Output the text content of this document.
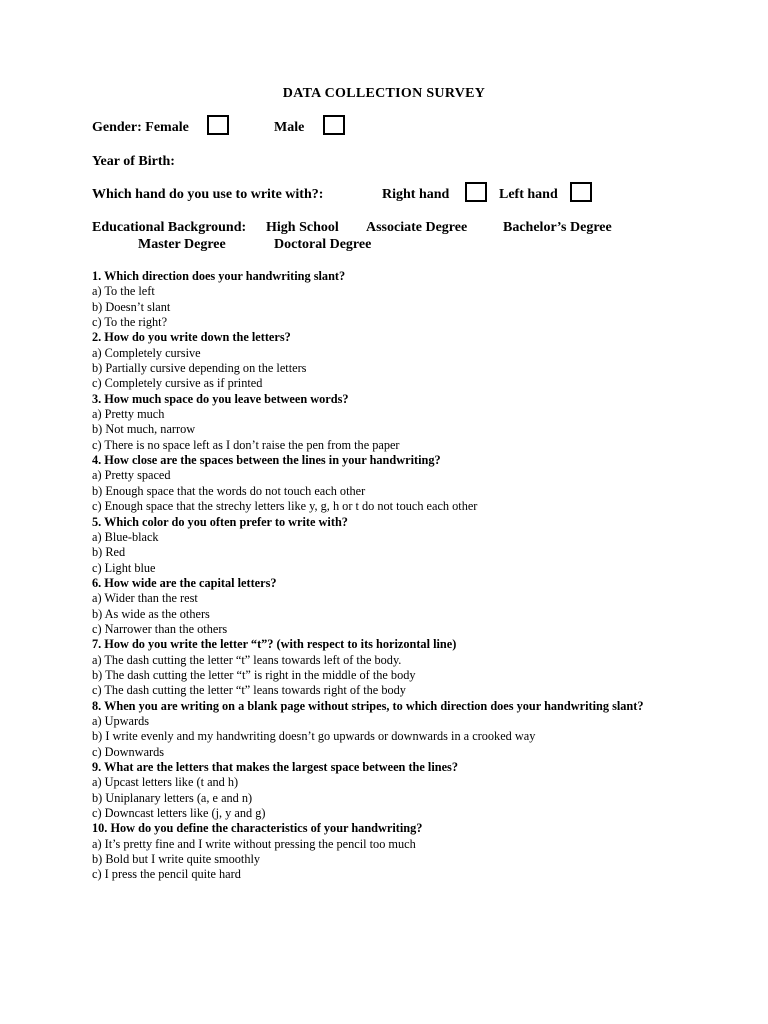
DATA COLLECTION SURVEY
Gender: Female	Male
Year of Birth:
Which hand do you use to write with?:	Right hand	Left hand
Educational Background: High School Associate Degree	Bachelor’s Degree
Master Degree	Doctoral Degree
1. Which direction does your handwriting slant?
a) To the left
b) Doesn’t slant
c) To the right?
2. How do you write down the letters?
a) Completely cursive
b) Partially cursive depending on the letters
c) Completely cursive as if printed
3. How much space do you leave between words?
a) Pretty much
b) Not much, narrow
c) There is no space left as I don’t raise the pen from the paper
4. How close are the spaces between the lines in your handwriting?
a) Pretty spaced
b) Enough space that the words do not touch each other
c) Enough space that the strechy letters like y, g, h or t do not touch each other
5. Which color do you often prefer to write with?
a) Blue-black
b) Red
c) Light blue
6. How wide are the capital letters?
a) Wider than the rest
b) As wide as the others
c) Narrower than the others
7. How do you write the letter “t”? (with respect to its horizontal line)
a) The dash cutting the letter “t” leans towards left of the body.
b) The dash cutting the letter “t” is right in the middle of the body
c) The dash cutting the letter “t” leans towards right of the body
8. When you are writing on a blank page without stripes, to which direction does your handwriting slant?
a) Upwards
b) I write evenly and my handwriting doesn’t go upwards or downwards in a crooked way
c) Downwards
9. What are the letters that makes the largest space between the lines?
a) Upcast letters like (t and h)
b) Uniplanary letters (a, e and n)
c) Downcast letters like (j, y and g)
10. How do you define the characteristics of your handwriting?
a) It’s pretty fine and I write without pressing the pencil too much
b) Bold but I write quite smoothly
c) I press the pencil quite hard
